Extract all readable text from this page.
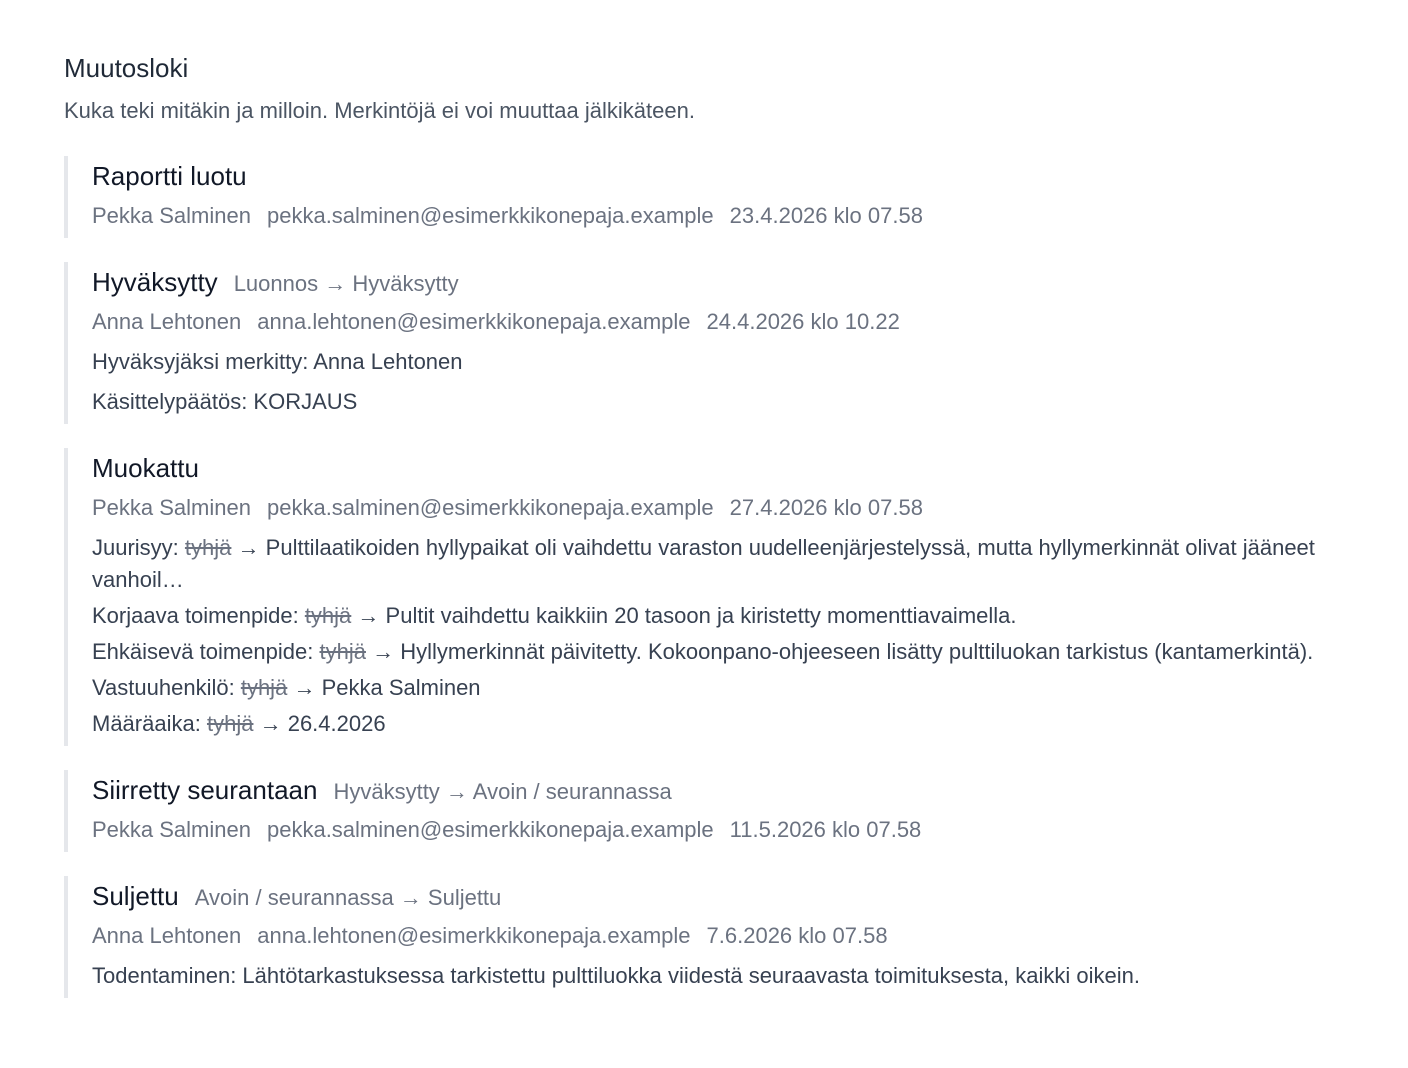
Muutosloki

Kuka teki mitäkin ja milloin. Merkintöjä ei voi muuttaa jälkikäteen.

Raportti luotu
Pekka Salminen pekka.salminen@esimerkkikonepaja.example 23.4.2026 klo 07.58
Hyväksytty Luonnos → Hyväksytty
Anna Lehtonen anna.lehtonen@esimerkkikonepaja.example 24.4.2026 klo 10.22
Hyväksyjäksi merkitty: Anna Lehtonen
Käsittelypäätös: KORJAUS
Muokattu
Pekka Salminen pekka.salminen@esimerkkikonepaja.example 27.4.2026 klo 07.58
Juurisyy: tyhjä → Pulttilaatikoiden hyllypaikat oli vaihdettu varaston uudelleenjärjestelyssä, mutta hyllymerkinnät olivat jääneet vanhoil…
Korjaava toimenpide: tyhjä → Pultit vaihdettu kaikkiin 20 tasoon ja kiristetty momenttiavaimella.
Ehkäisevä toimenpide: tyhjä → Hyllymerkinnät päivitetty. Kokoonpano-ohjeeseen lisätty pulttiluokan tarkistus (kantamerkintä).
Vastuuhenkilö: tyhjä → Pekka Salminen
Määräaika: tyhjä → 26.4.2026
Siirretty seurantaan Hyväksytty → Avoin / seurannassa
Pekka Salminen pekka.salminen@esimerkkikonepaja.example 11.5.2026 klo 07.58
Suljettu Avoin / seurannassa → Suljettu
Anna Lehtonen anna.lehtonen@esimerkkikonepaja.example 7.6.2026 klo 07.58
Todentaminen: Lähtötarkastuksessa tarkistettu pulttiluokka viidestä seuraavasta toimituksesta, kaikki oikein.
